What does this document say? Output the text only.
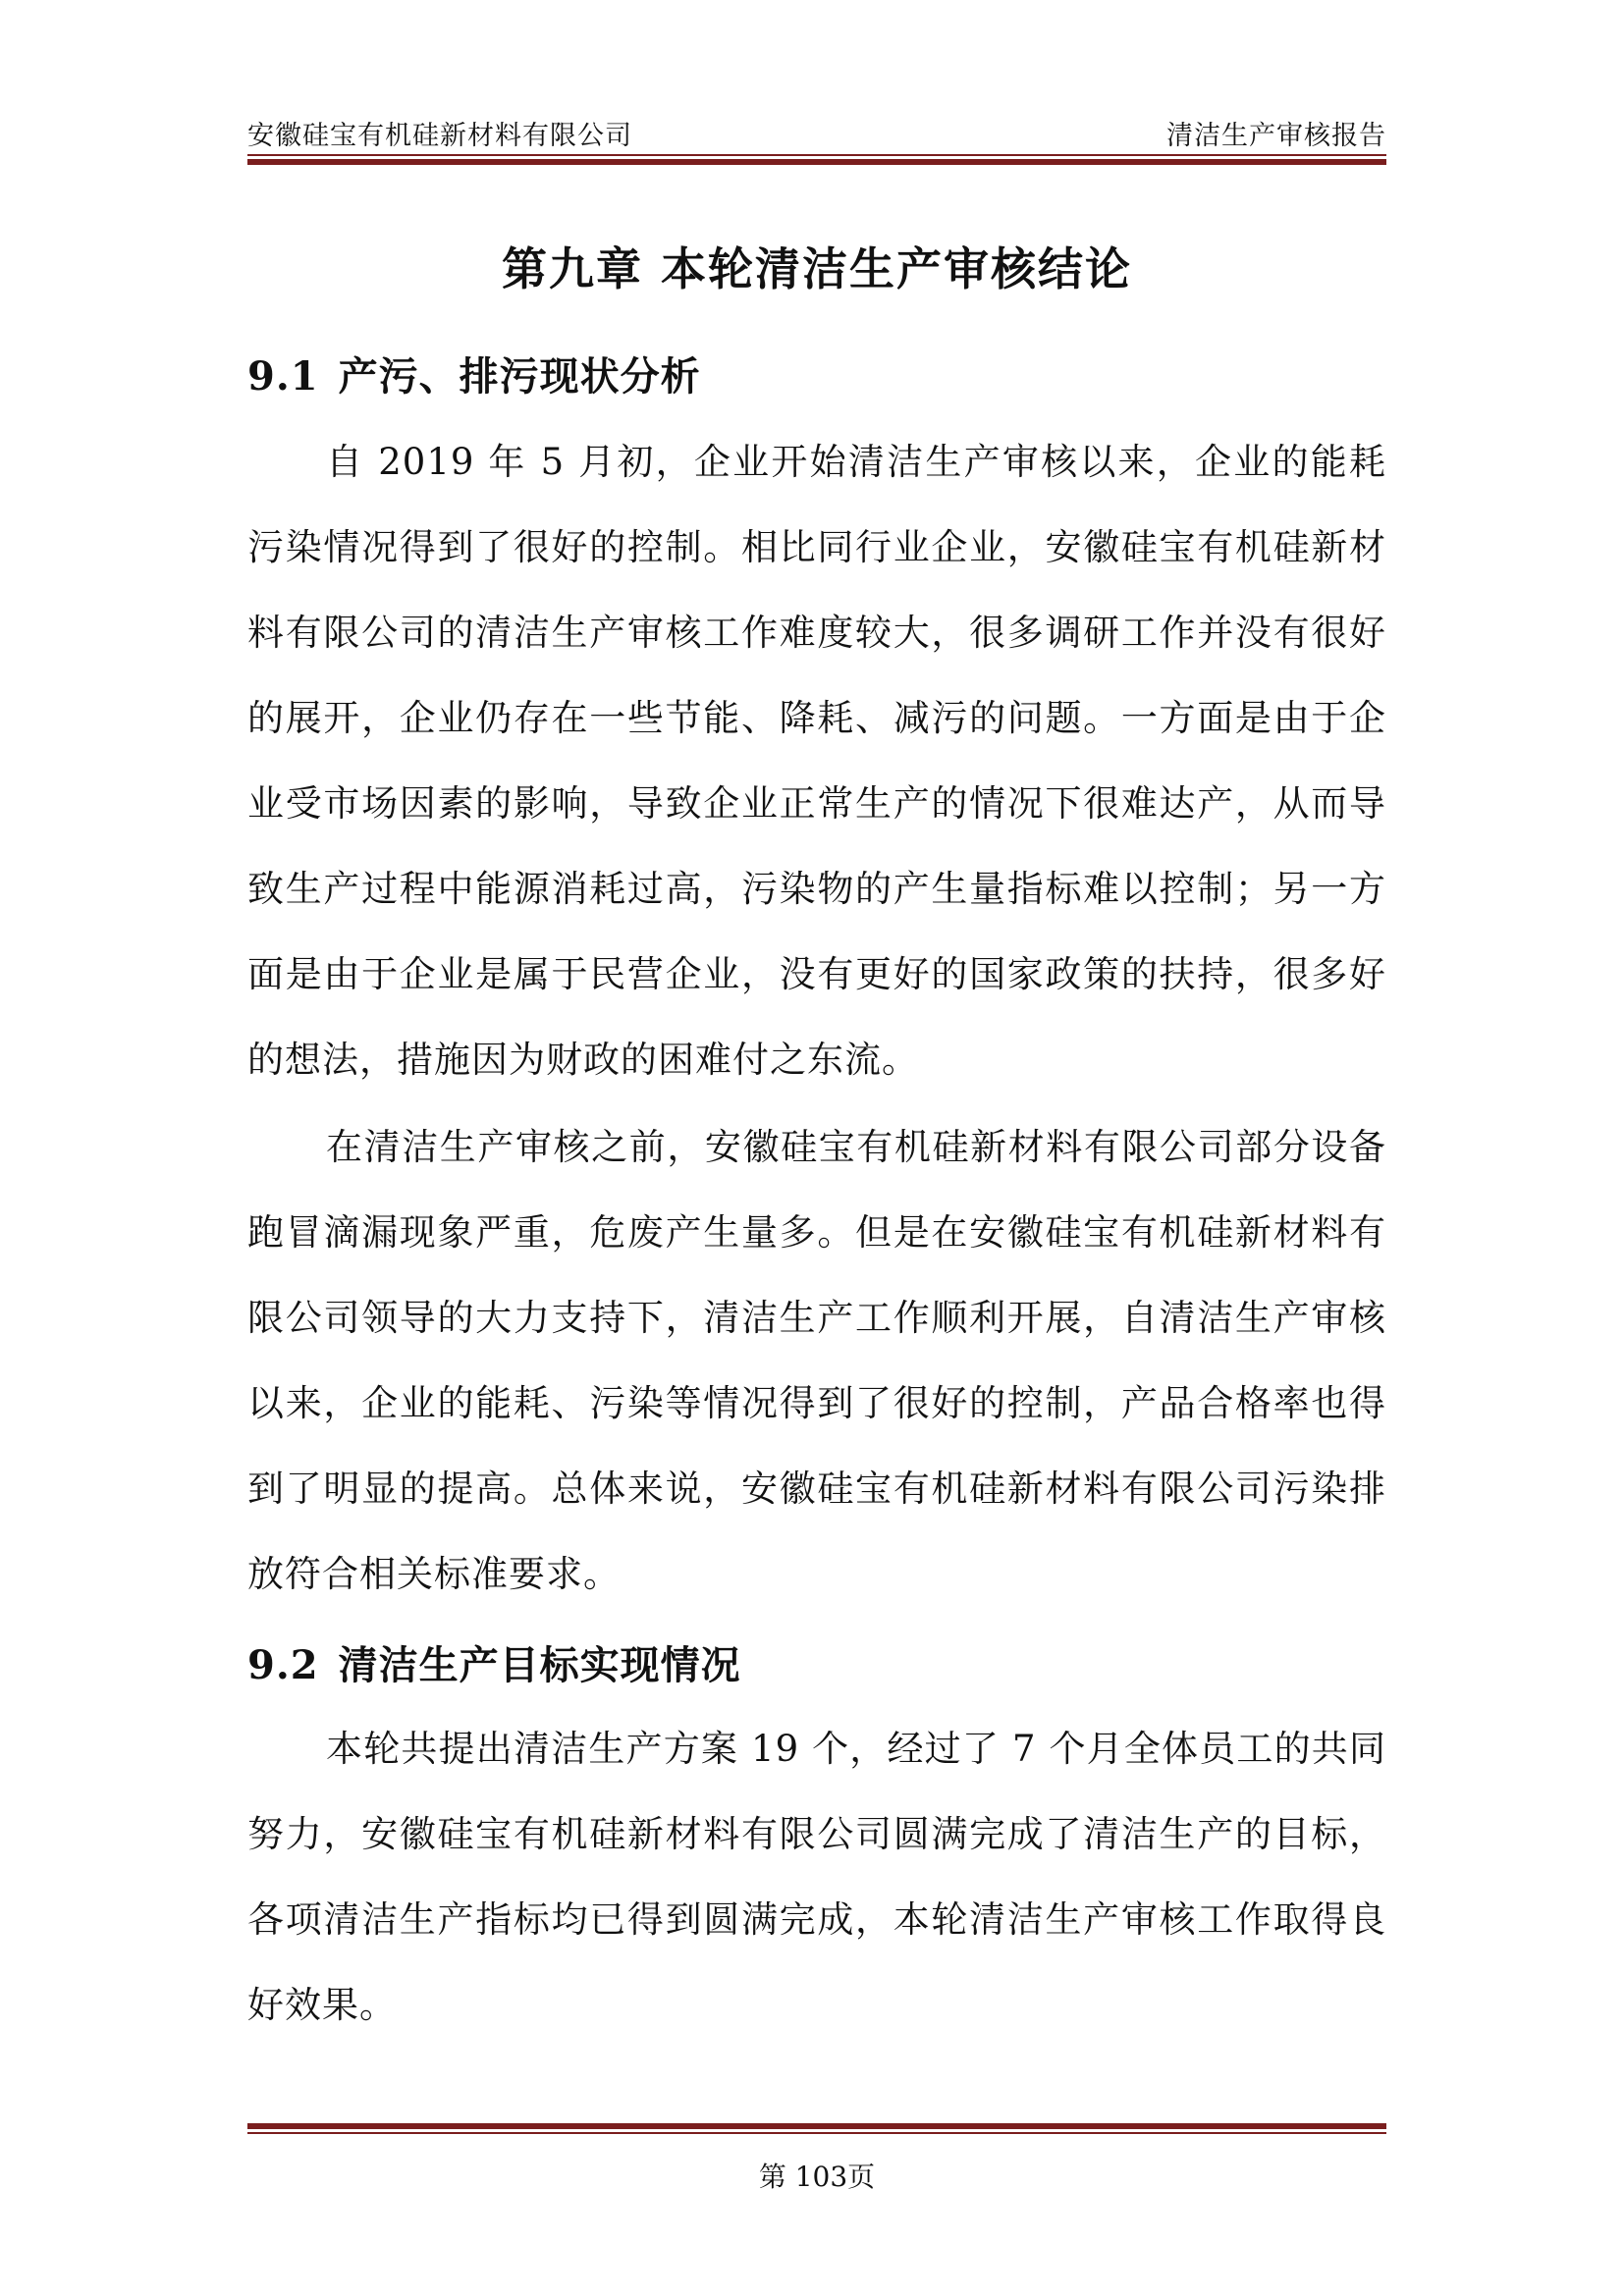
安徽硅宝有机硅新材料有限公司	清洁生产审核报告
第九章 本轮清洁生产审核结论
9.1 产污、排污现状分析

自 2019 年 5 月初，企业开始清洁生产审核以来，企业的能耗污染情况得到了很好的控制。相比同行业企业，安徽硅宝有机硅新材料有限公司的清洁生产审核工作难度较大，很多调研工作并没有很好的展开，企业仍存在一些节能、降耗、减污的问题。一方面是由于企业受市场因素的影响，导致企业正常生产的情况下很难达产，从而导致生产过程中能源消耗过高，污染物的产生量指标难以控制；另一方面是由于企业是属于民营企业，没有更好的国家政策的扶持，很多好的想法，措施因为财政的困难付之东流。

在清洁生产审核之前，安徽硅宝有机硅新材料有限公司部分设备跑冒滴漏现象严重，危废产生量多。但是在安徽硅宝有机硅新材料有限公司领导的大力支持下，清洁生产工作顺利开展，自清洁生产审核以来，企业的能耗、污染等情况得到了很好的控制，产品合格率也得到了明显的提高。总体来说，安徽硅宝有机硅新材料有限公司污染排放符合相关标准要求。

9.2 清洁生产目标实现情况

本轮共提出清洁生产方案 19 个，经过了 7 个月全体员工的共同努力，安徽硅宝有机硅新材料有限公司圆满完成了清洁生产的目标，各项清洁生产指标均已得到圆满完成，本轮清洁生产审核工作取得良好效果。

第 103页
